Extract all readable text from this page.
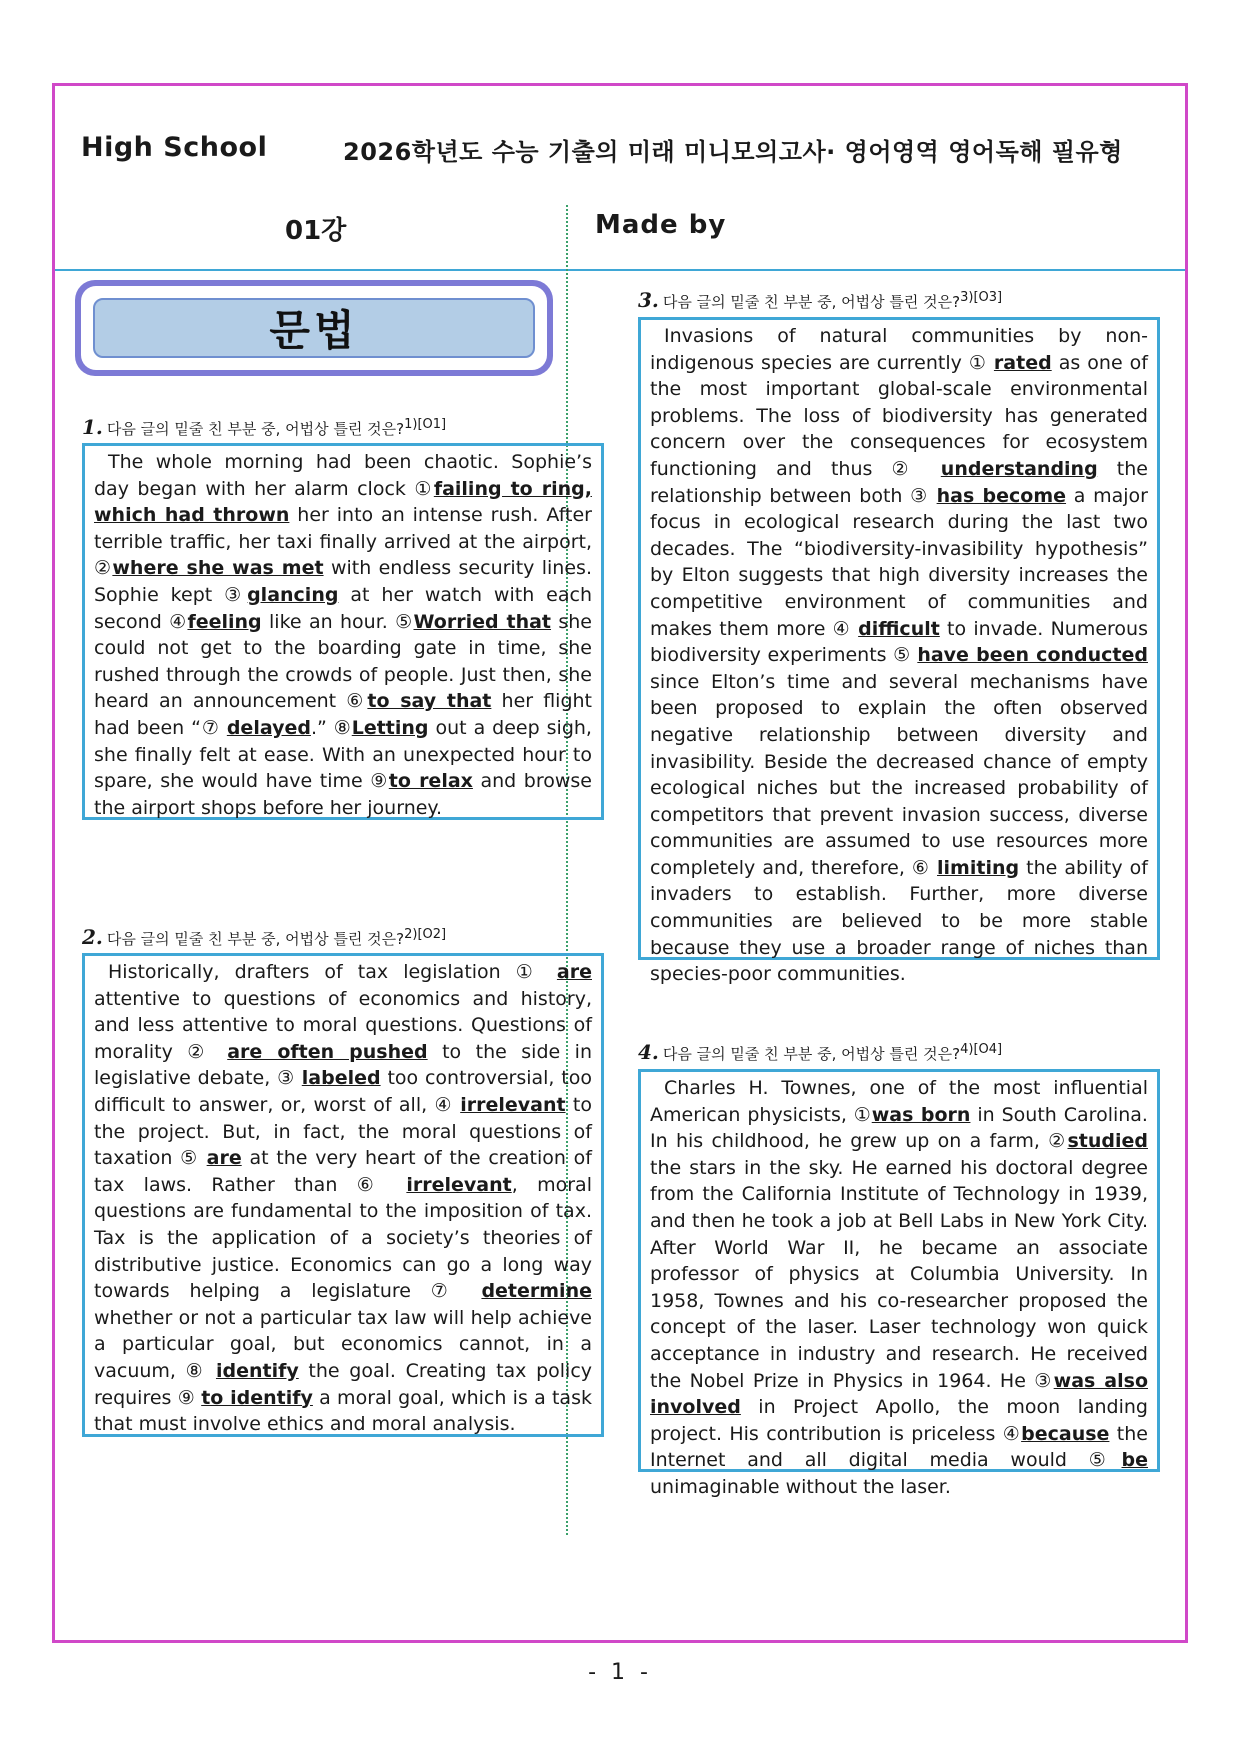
High School	2026학년도 수능 기출의 미래 미니모의고사· 영어영역 영어독해 필유형
01강	Made by
문법
1. 다음 글의 밑줄 친 부분 중, 어법상 틀린 것은?$^{1)[O1]}$

The whole morning had been chaotic. Sophie’s day began with her alarm clock ①failing to ring, which had thrown her into an intense rush. After terrible traffic, her taxi finally arrived at the airport, ②where she was met with endless security lines. Sophie kept ③glancing at her watch with each second ④feeling like an hour. ⑤Worried that she could not get to the boarding gate in time, she rushed through the crowds of people. Just then, she heard an announcement ⑥to say that her flight had been “⑦ delayed.” ⑧Letting out a deep sigh, she finally felt at ease. With an unexpected hour to spare, she would have time ⑨to relax and browse the airport shops before her journey.

2. 다음 글의 밑줄 친 부분 중, 어법상 틀린 것은?$^{2)[O2]}$

Historically, drafters of tax legislation ① are attentive to questions of economics and history, and less attentive to moral questions. Questions of morality ② are often pushed to the side in legislative debate, ③ labeled too controversial, too difficult to answer, or, worst of all, ④ irrelevant to the project. But, in fact, the moral questions of taxation ⑤ are at the very heart of the creation of tax laws. Rather than ⑥ irrelevant, moral questions are fundamental to the imposition of tax. Tax is the application of a society’s theories of distributive justice. Economics can go a long way towards helping a legislature ⑦ determine whether or not a particular tax law will help achieve a particular goal, but economics cannot, in a vacuum, ⑧ identify the goal. Creating tax policy requires ⑨ to identify a moral goal, which is a task that must involve ethics and moral analysis.

3. 다음 글의 밑줄 친 부분 중, 어법상 틀린 것은?$^{3)[O3]}$

Invasions of natural communities by non-indigenous species are currently ① rated as one of the most important global-scale environmental problems. The loss of biodiversity has generated concern over the consequences for ecosystem functioning and thus ② understanding the relationship between both ③ has become a major focus in ecological research during the last two decades. The “biodiversity-invasibility hypothesis” by Elton suggests that high diversity increases the competitive environment of communities and makes them more ④ difficult to invade. Numerous biodiversity experiments ⑤ have been conducted since Elton’s time and several mechanisms have been proposed to explain the often observed negative relationship between diversity and invasibility. Beside the decreased chance of empty ecological niches but the increased probability of competitors that prevent invasion success, diverse communities are assumed to use resources more completely and, therefore, ⑥ limiting the ability of invaders to establish. Further, more diverse communities are believed to be more stable because they use a broader range of niches than species-poor communities.

4. 다음 글의 밑줄 친 부분 중, 어법상 틀린 것은?$^{4)[O4]}$

Charles H. Townes, one of the most influential American physicists, ①was born in South Carolina. In his childhood, he grew up on a farm, ②studied the stars in the sky. He earned his doctoral degree from the California Institute of Technology in 1939, and then he took a job at Bell Labs in New York City. After World War II, he became an associate professor of physics at Columbia University. In 1958, Townes and his co-researcher proposed the concept of the laser. Laser technology won quick acceptance in industry and research. He received the Nobel Prize in Physics in 1964. He ③was also involved in Project Apollo, the moon landing project. His contribution is priceless ④because the Internet and all digital media would ⑤be unimaginable without the laser.

- 1 -
